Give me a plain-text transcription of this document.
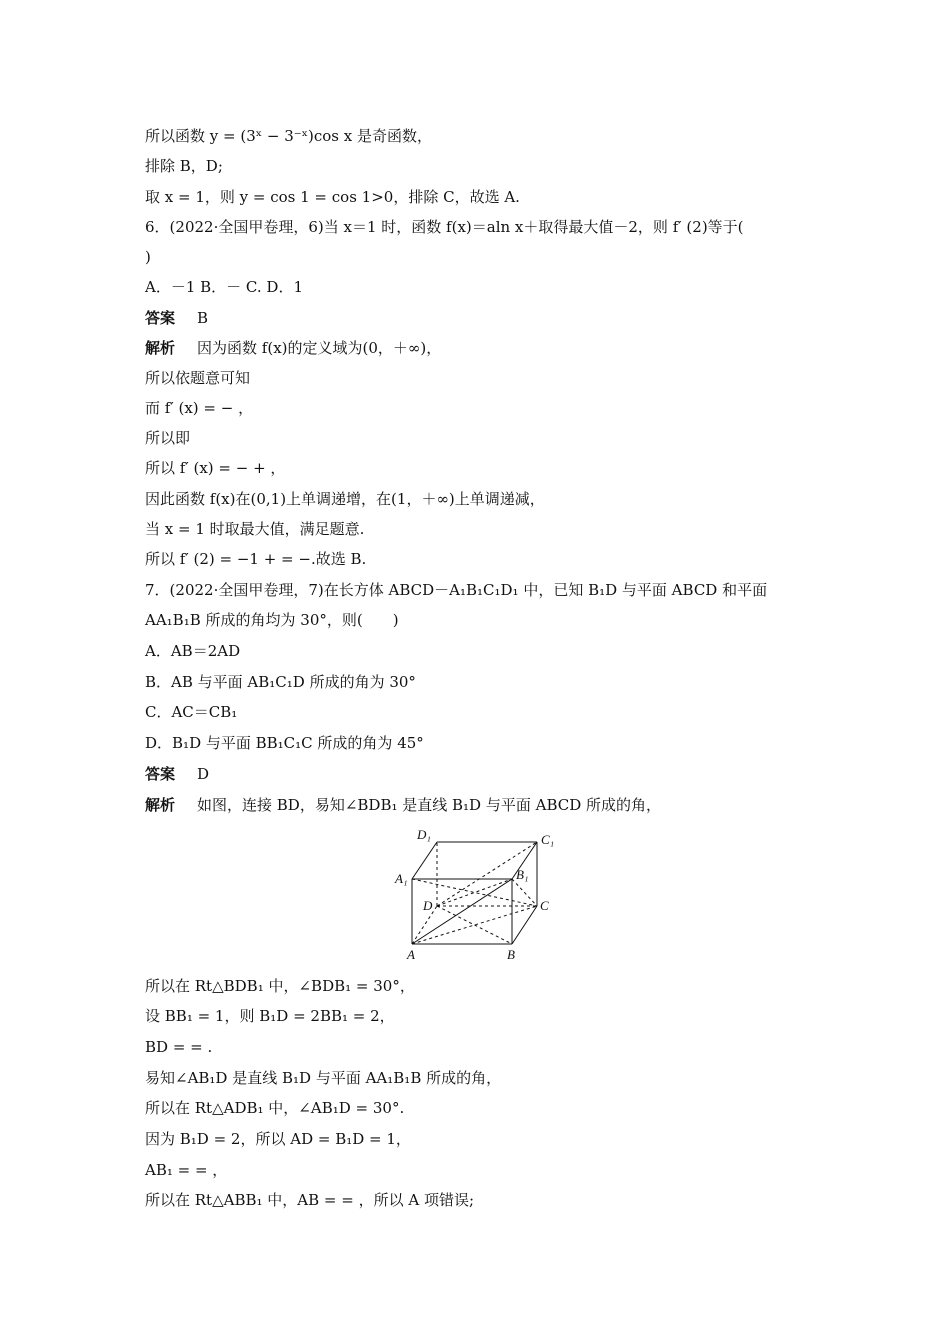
所以函数 y = (3ˣ − 3⁻ˣ)cos x 是奇函数，
排除 B，D;
取 x = 1，则 y = cos 1 = cos 1>0，排除 C，故选 A.
6．(2022·全国甲卷理，6)当 x＝1 时，函数 f(x)＝aln x＋取得最大值－2，则 f′ (2)等于(
)
A．－1 B．－ C. D．1
答案 B
解析 因为函数 f(x)的定义域为(0，＋∞)，
所以依题意可知
而 f′ (x) = − ，
所以即
所以 f′ (x) = − + ，
因此函数 f(x)在(0,1)上单调递增，在(1，＋∞)上单调递减，
当 x = 1 时取最大值，满足题意.
所以 f′ (2) = −1 + = −.故选 B.
7．(2022·全国甲卷理，7)在长方体 ABCD－A₁B₁C₁D₁ 中，已知 B₁D 与平面 ABCD 和平面
AA₁B₁B 所成的角均为 30°，则(　　)
A．AB＝2AD
B．AB 与平面 AB₁C₁D 所成的角为 30°
C．AC＝CB₁
D．B₁D 与平面 BB₁C₁C 所成的角为 45°
答案 D
解析 如图，连接 BD，易知∠BDB₁ 是直线 B₁D 与平面 ABCD 所成的角，
D₁	C₁
A₁	B₁
D	C
A	B
所以在 Rt△BDB₁ 中，∠BDB₁ = 30°，
设 BB₁ = 1，则 B₁D = 2BB₁ = 2，
BD = = .
易知∠AB₁D 是直线 B₁D 与平面 AA₁B₁B 所成的角，
所以在 Rt△ADB₁ 中，∠AB₁D = 30°.
因为 B₁D = 2，所以 AD = B₁D = 1，
AB₁ = = ，
所以在 Rt△ABB₁ 中，AB = = ，所以 A 项错误;
